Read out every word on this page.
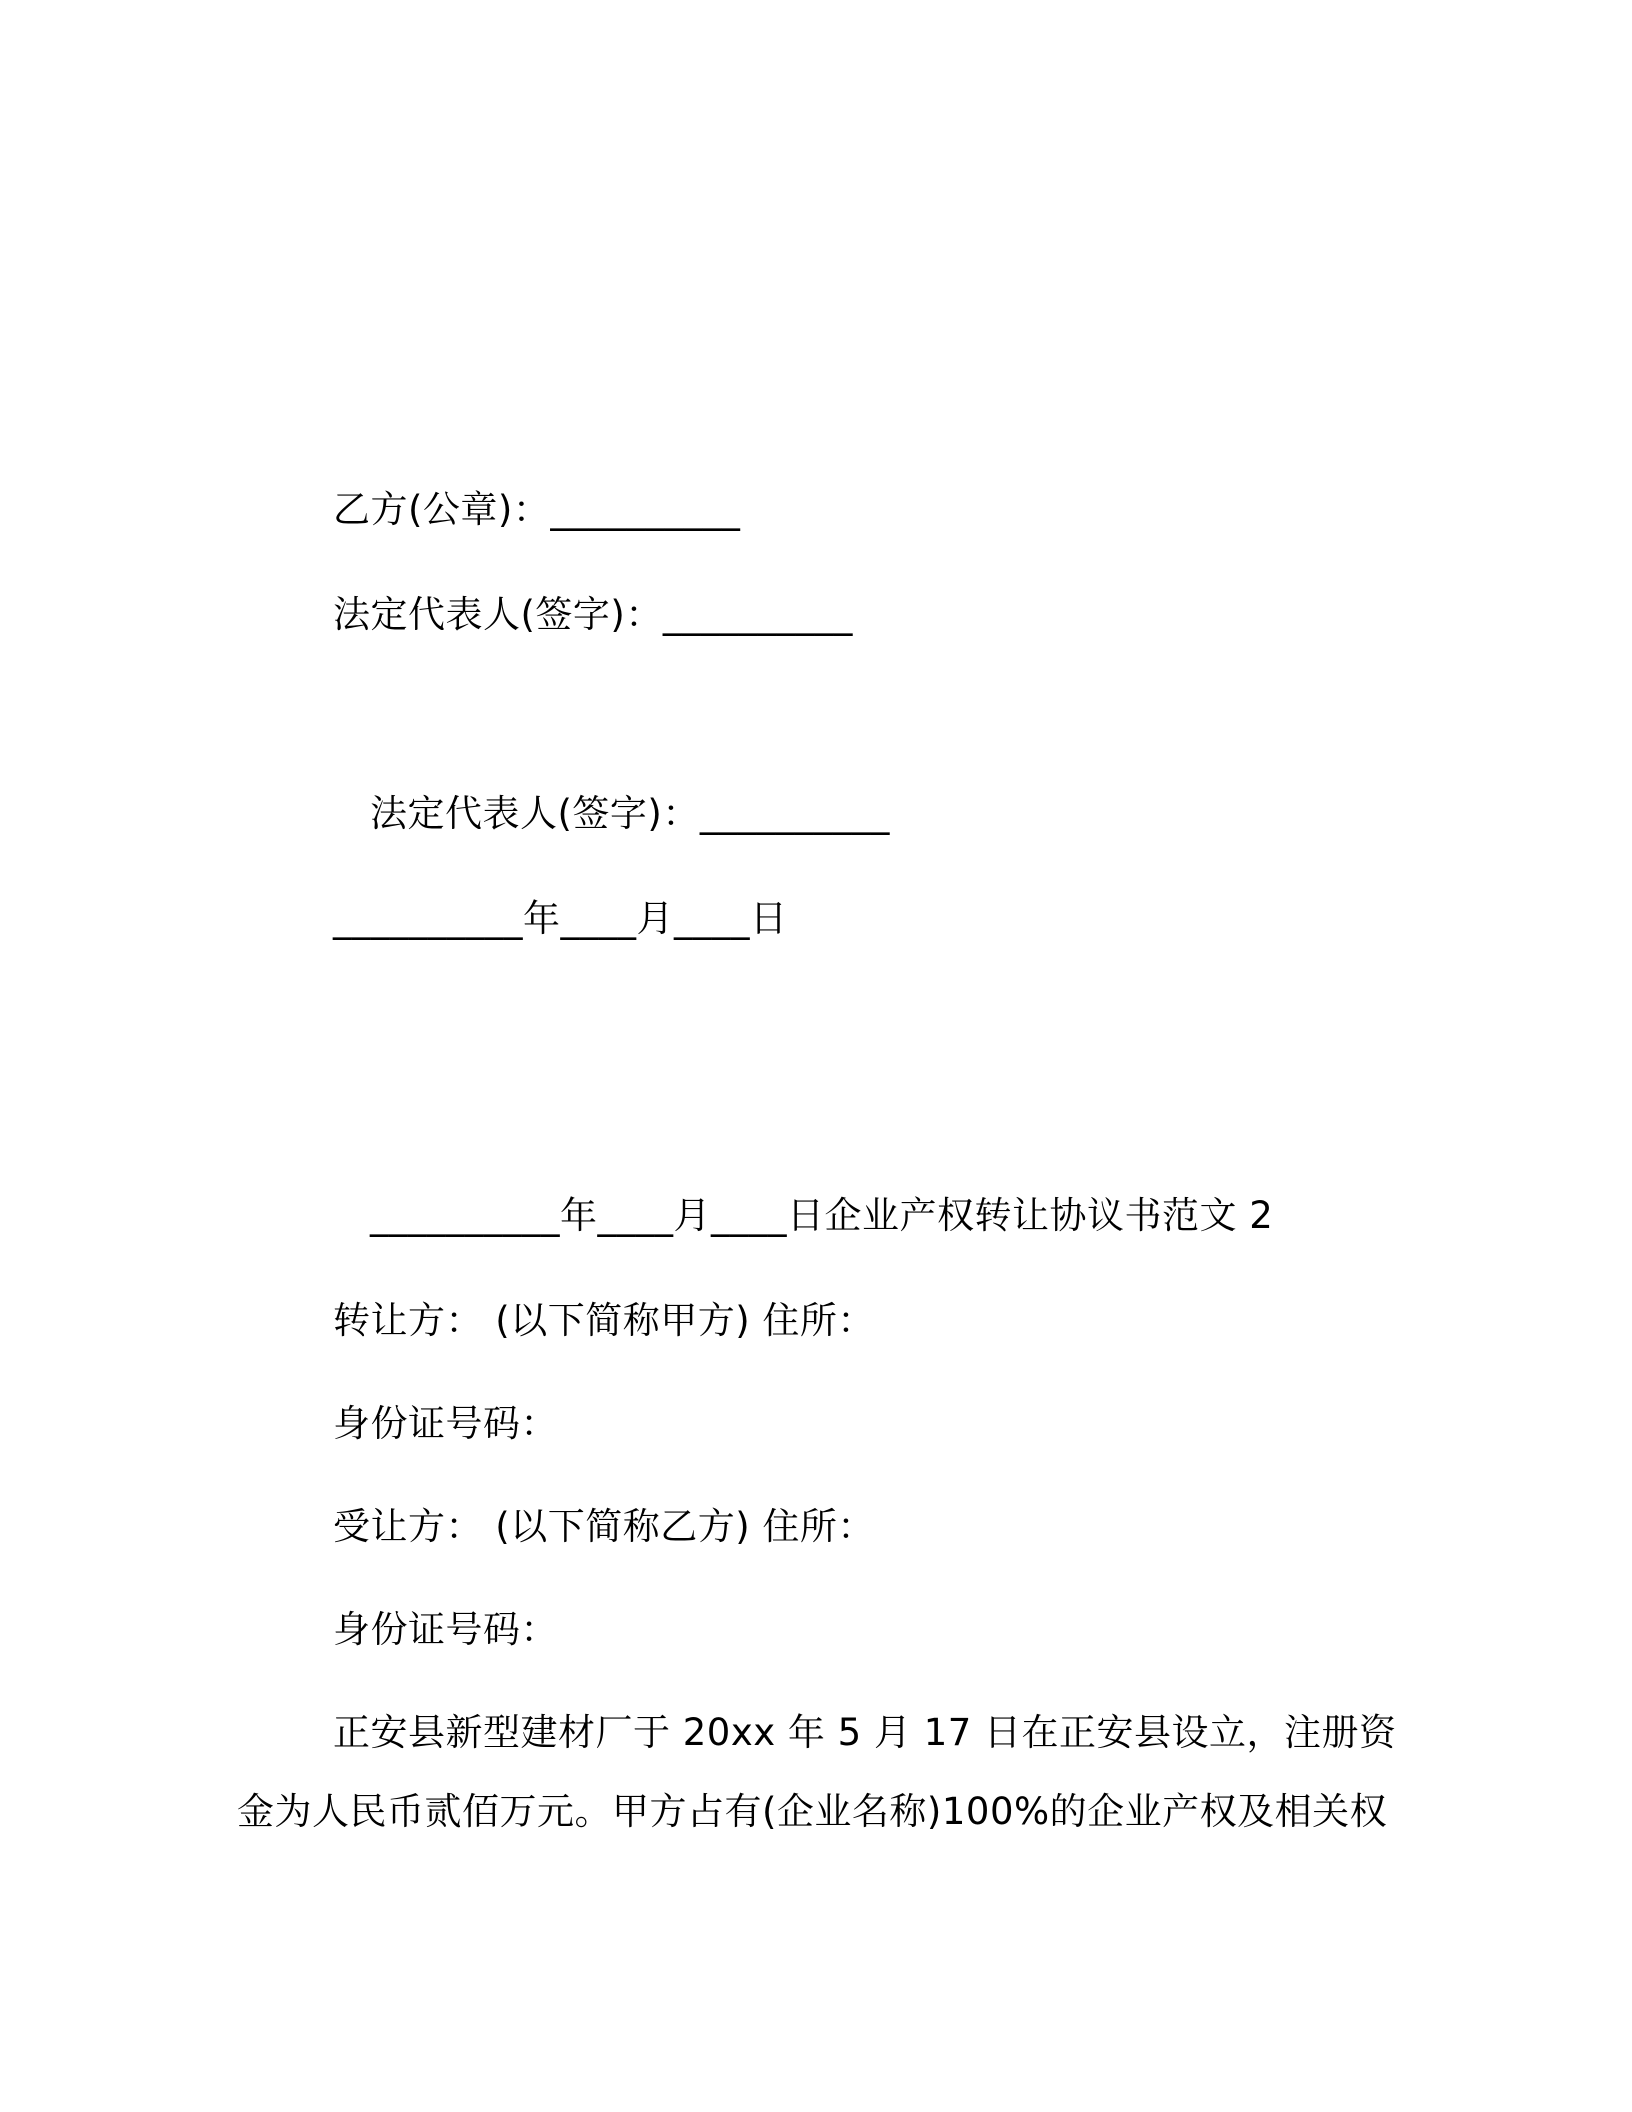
乙方(公章)：__________
法定代表人(签字)：__________
法定代表人(签字)：__________
__________年____月____日
__________年____月____日企业产权转让协议书范文 2
转让方： (以下简称甲方) 住所：
身份证号码：
受让方： (以下简称乙方) 住所：
身份证号码：
正安县新型建材厂于 20xx 年 5 月 17 日在正安县设立，注册资
金为人民币贰佰万元。甲方占有(企业名称)100%的企业产权及相关权
